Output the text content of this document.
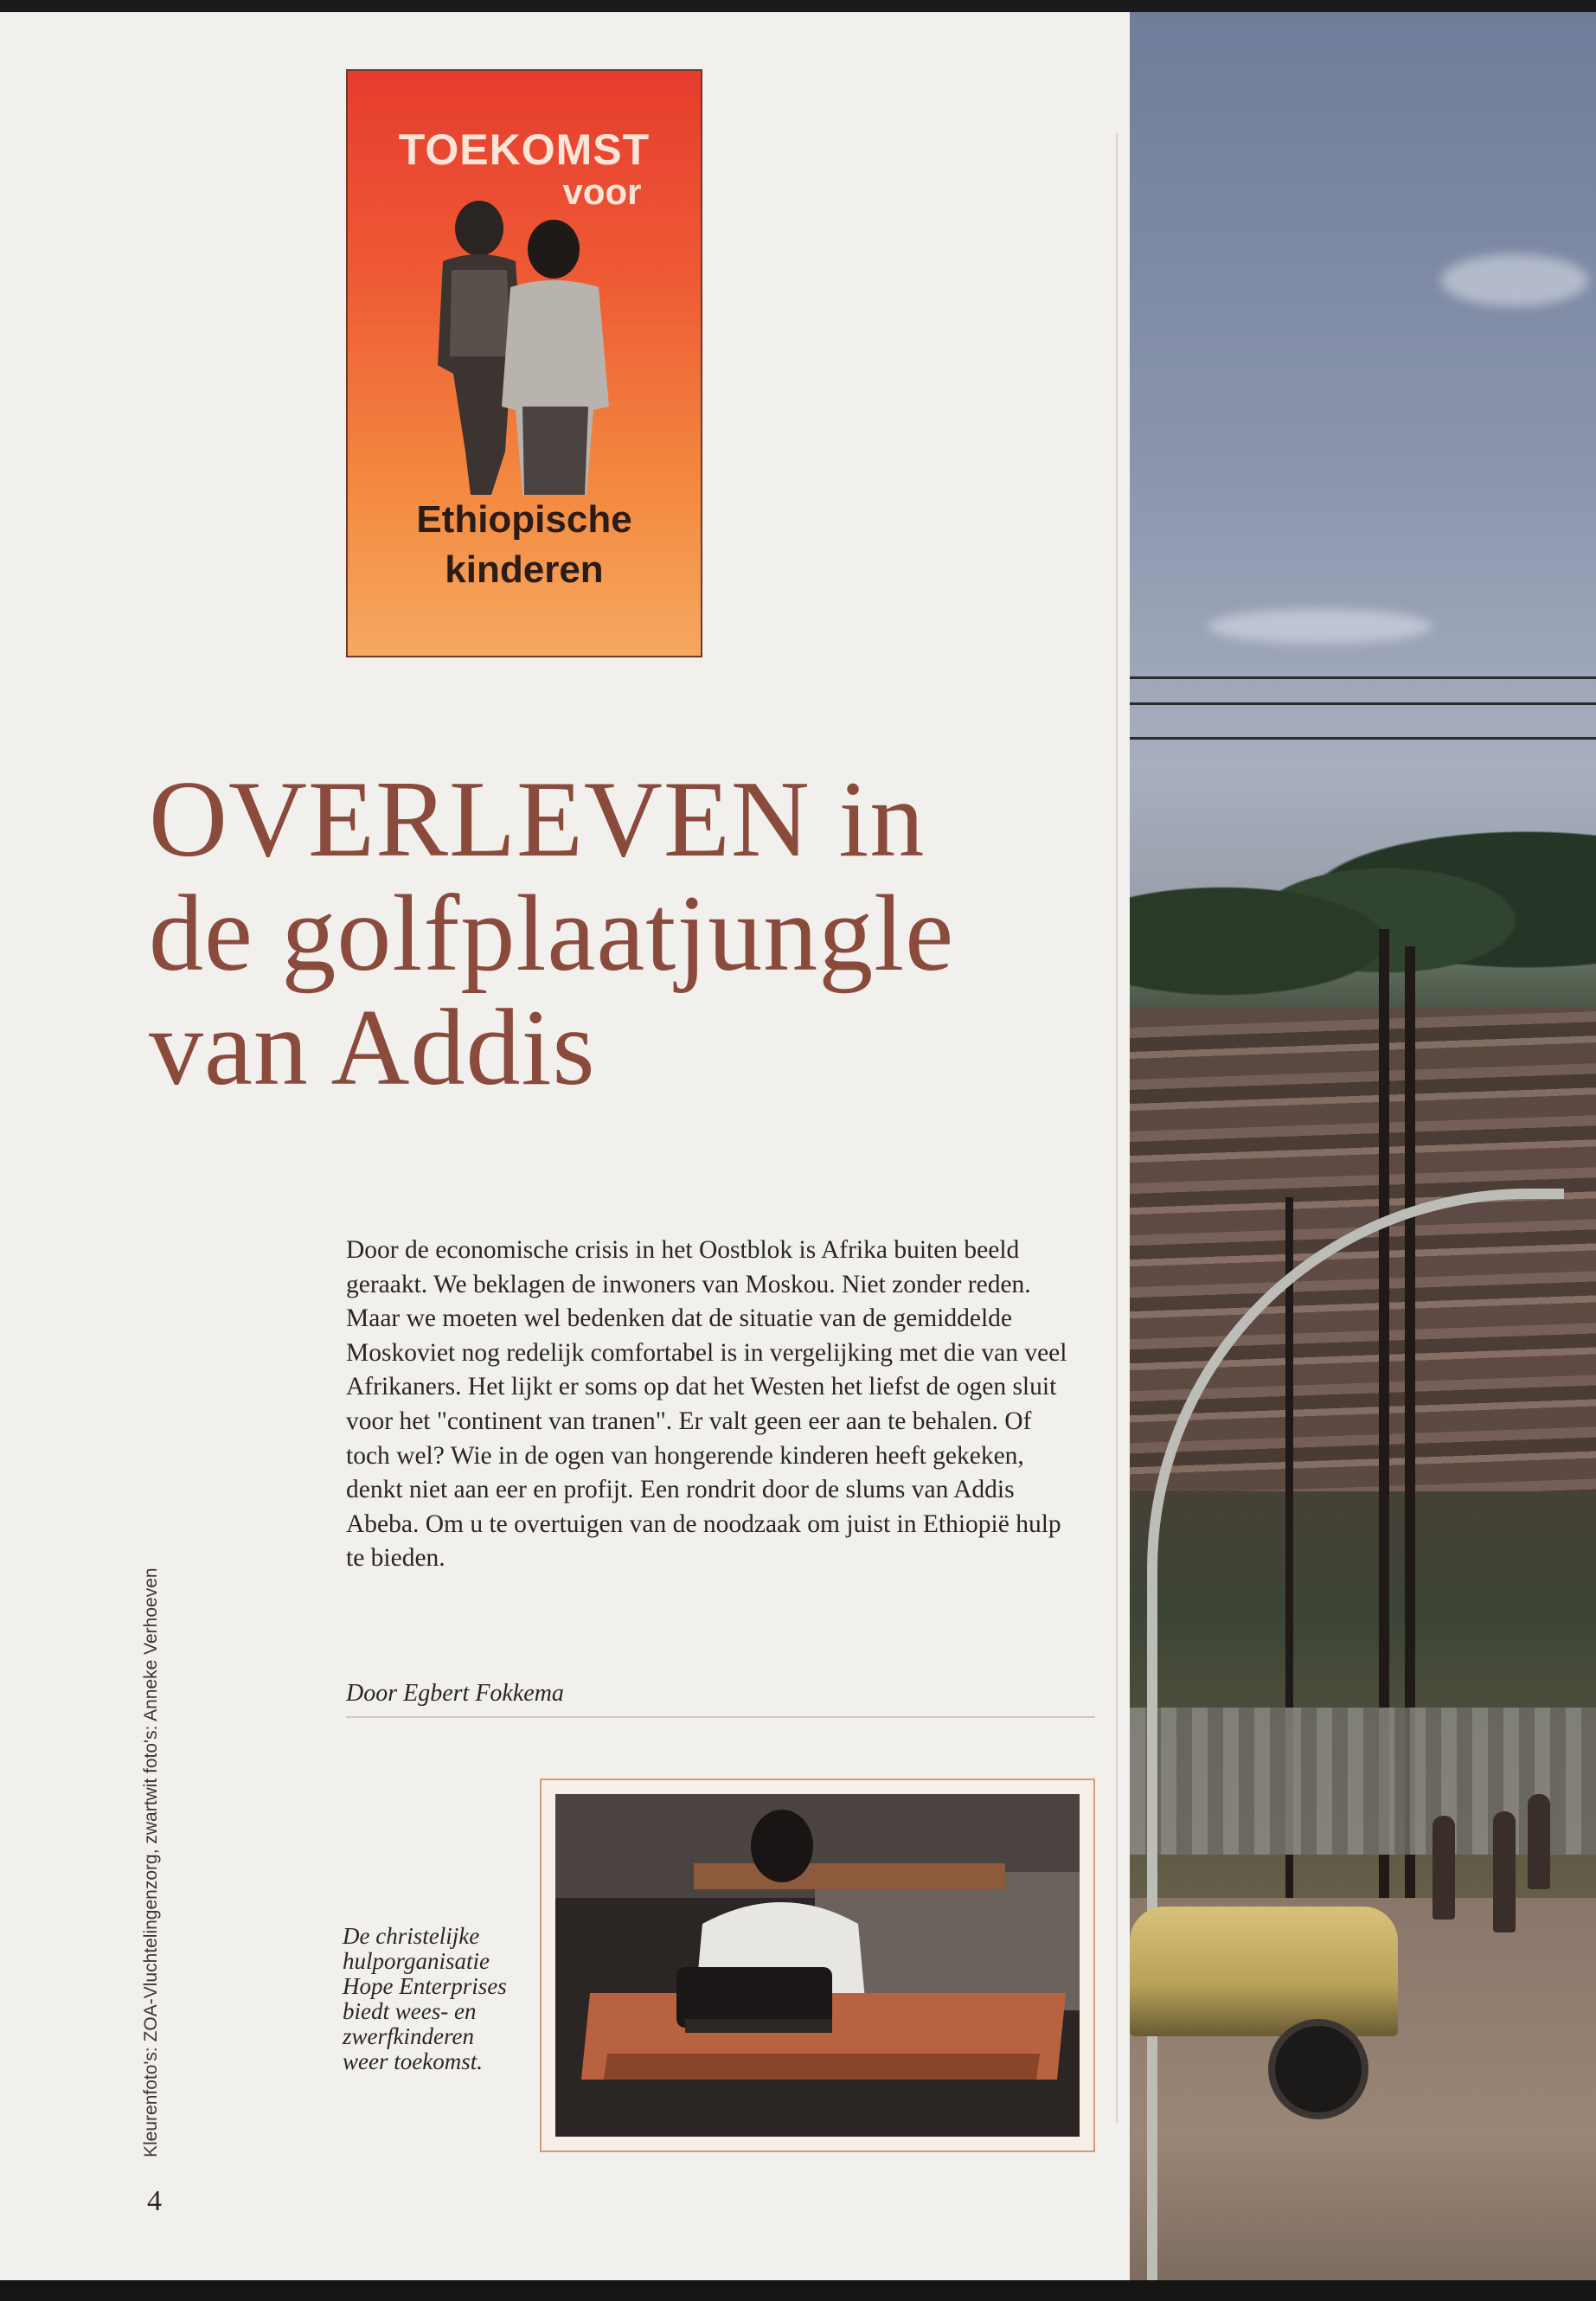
TOEKOMST
voor
Ethiopische
kinderen
OVERLEVEN in
de golfplaatjungle
van Addis

Door de economische crisis in het Oostblok is Afrika buiten beeld geraakt. We beklagen de inwoners van Moskou. Niet zonder reden. Maar we moeten wel bedenken dat de situatie van de gemiddelde Moskoviet nog redelijk comfortabel is in vergelijking met die van veel Afrikaners. Het lijkt er soms op dat het Westen het liefst de ogen sluit voor het "continent van tranen". Er valt geen eer aan te behalen. Of toch wel? Wie in de ogen van hongerende kinderen heeft gekeken, denkt niet aan eer en profijt. Een rondrit door de slums van Addis Abeba. Om u te overtuigen van de noodzaak om juist in Ethiopië hulp te bieden.

Door Egbert Fokkema
De christelijke hulporganisatie Hope Enterprises biedt wees- en zwerfkinderen weer toekomst.
Kleurenfoto's: ZOA-Vluchtelingenzorg, zwartwit foto's: Anneke Verhoeven
4
